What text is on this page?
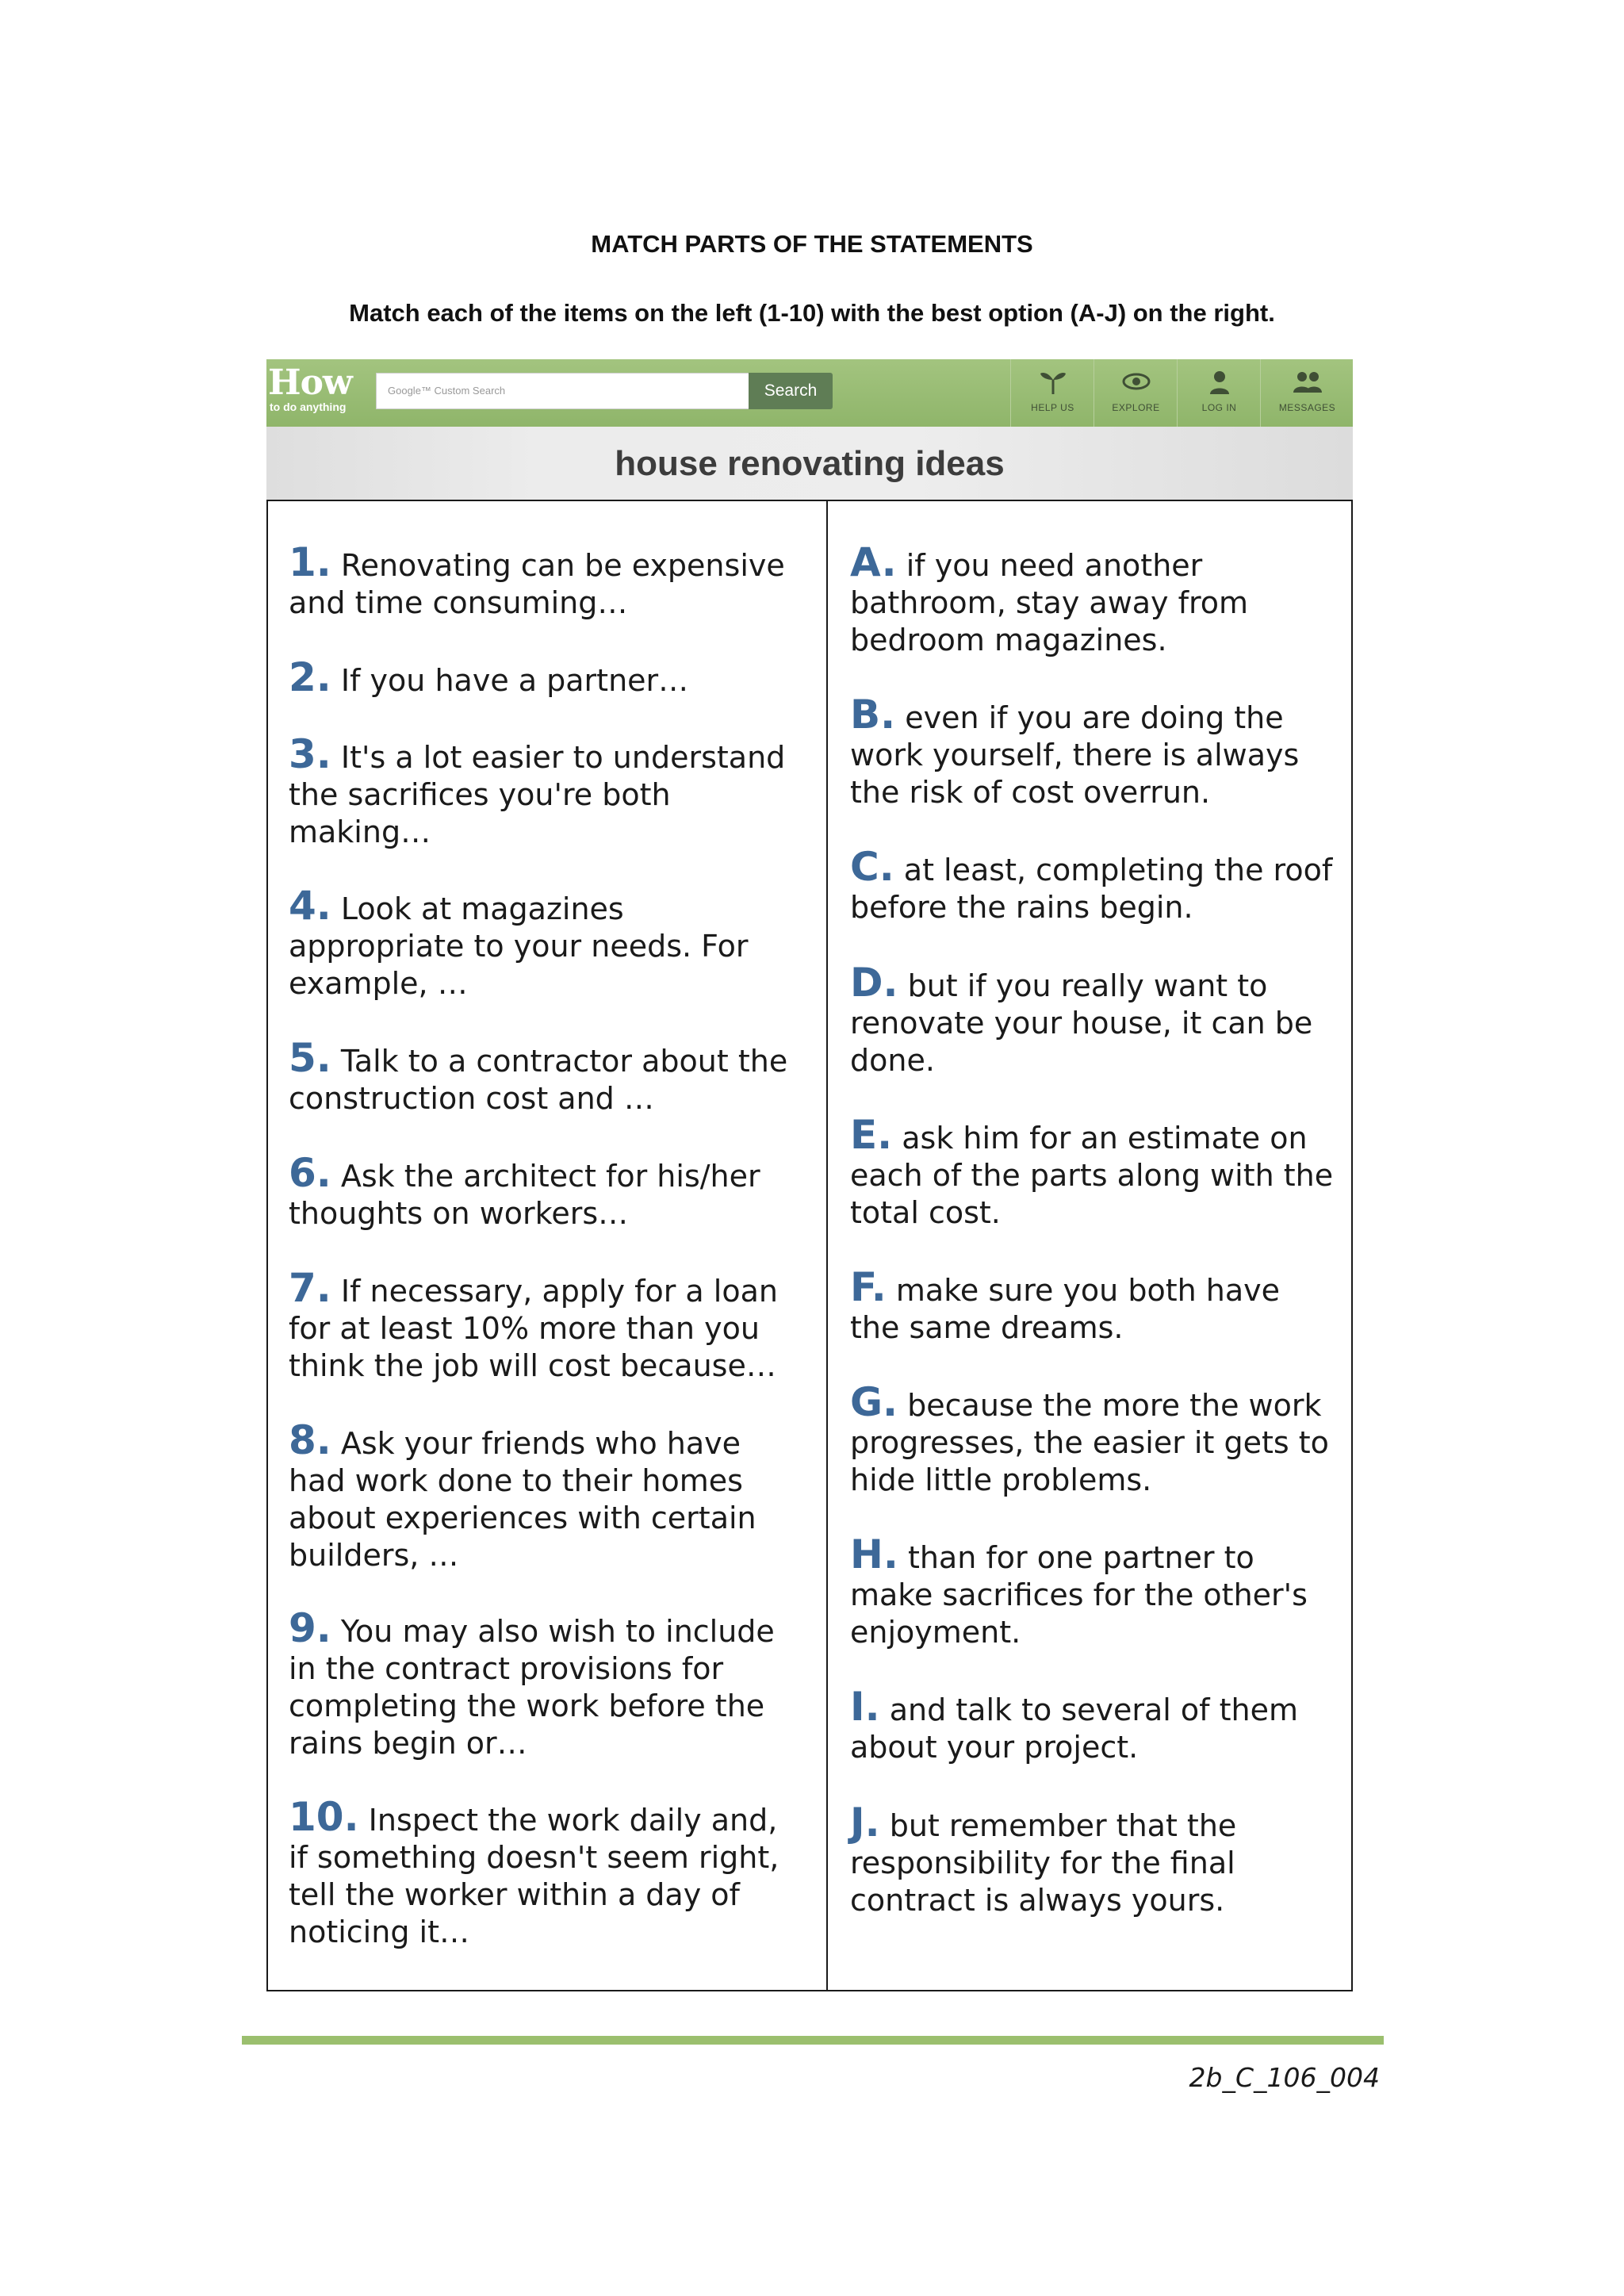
MATCH PARTS OF THE STATEMENTS
Match each of the items on the left (1-10) with the best option (A-J) on the right.
How
to do anything
Google™ Custom Search	Search
HELP US	EXPLORE	LOG IN	MESSAGES
house renovating ideas
1. Renovating can be expensive and time consuming…
2. If you have a partner…
3. It's a lot easier to understand the sacrifices you're both making…
4. Look at magazines appropriate to your needs. For example, …
5. Talk to a contractor about the construction cost and …
6. Ask the architect for his/her thoughts on workers…
7. If necessary, apply for a loan for at least 10% more than you think the job will cost because…
8. Ask your friends who have had work done to their homes about experiences with certain builders, …
9. You may also wish to include in the contract provisions for completing the work before the rains begin or…
10. Inspect the work daily and, if something doesn't seem right, tell the worker within a day of noticing it…
A. if you need another bathroom, stay away from bedroom magazines.
B. even if you are doing the work yourself, there is always the risk of cost overrun.
C. at least, completing the roof before the rains begin.
D. but if you really want to renovate your house, it can be done.
E. ask him for an estimate on each of the parts along with the total cost.
F. make sure you both have the same dreams.
G. because the more the work progresses, the easier it gets to hide little problems.
H. than for one partner to make sacrifices for the other's enjoyment.
I. and talk to several of them about your project.
J. but remember that the responsibility for the final contract is always yours.
2b_C_106_004
